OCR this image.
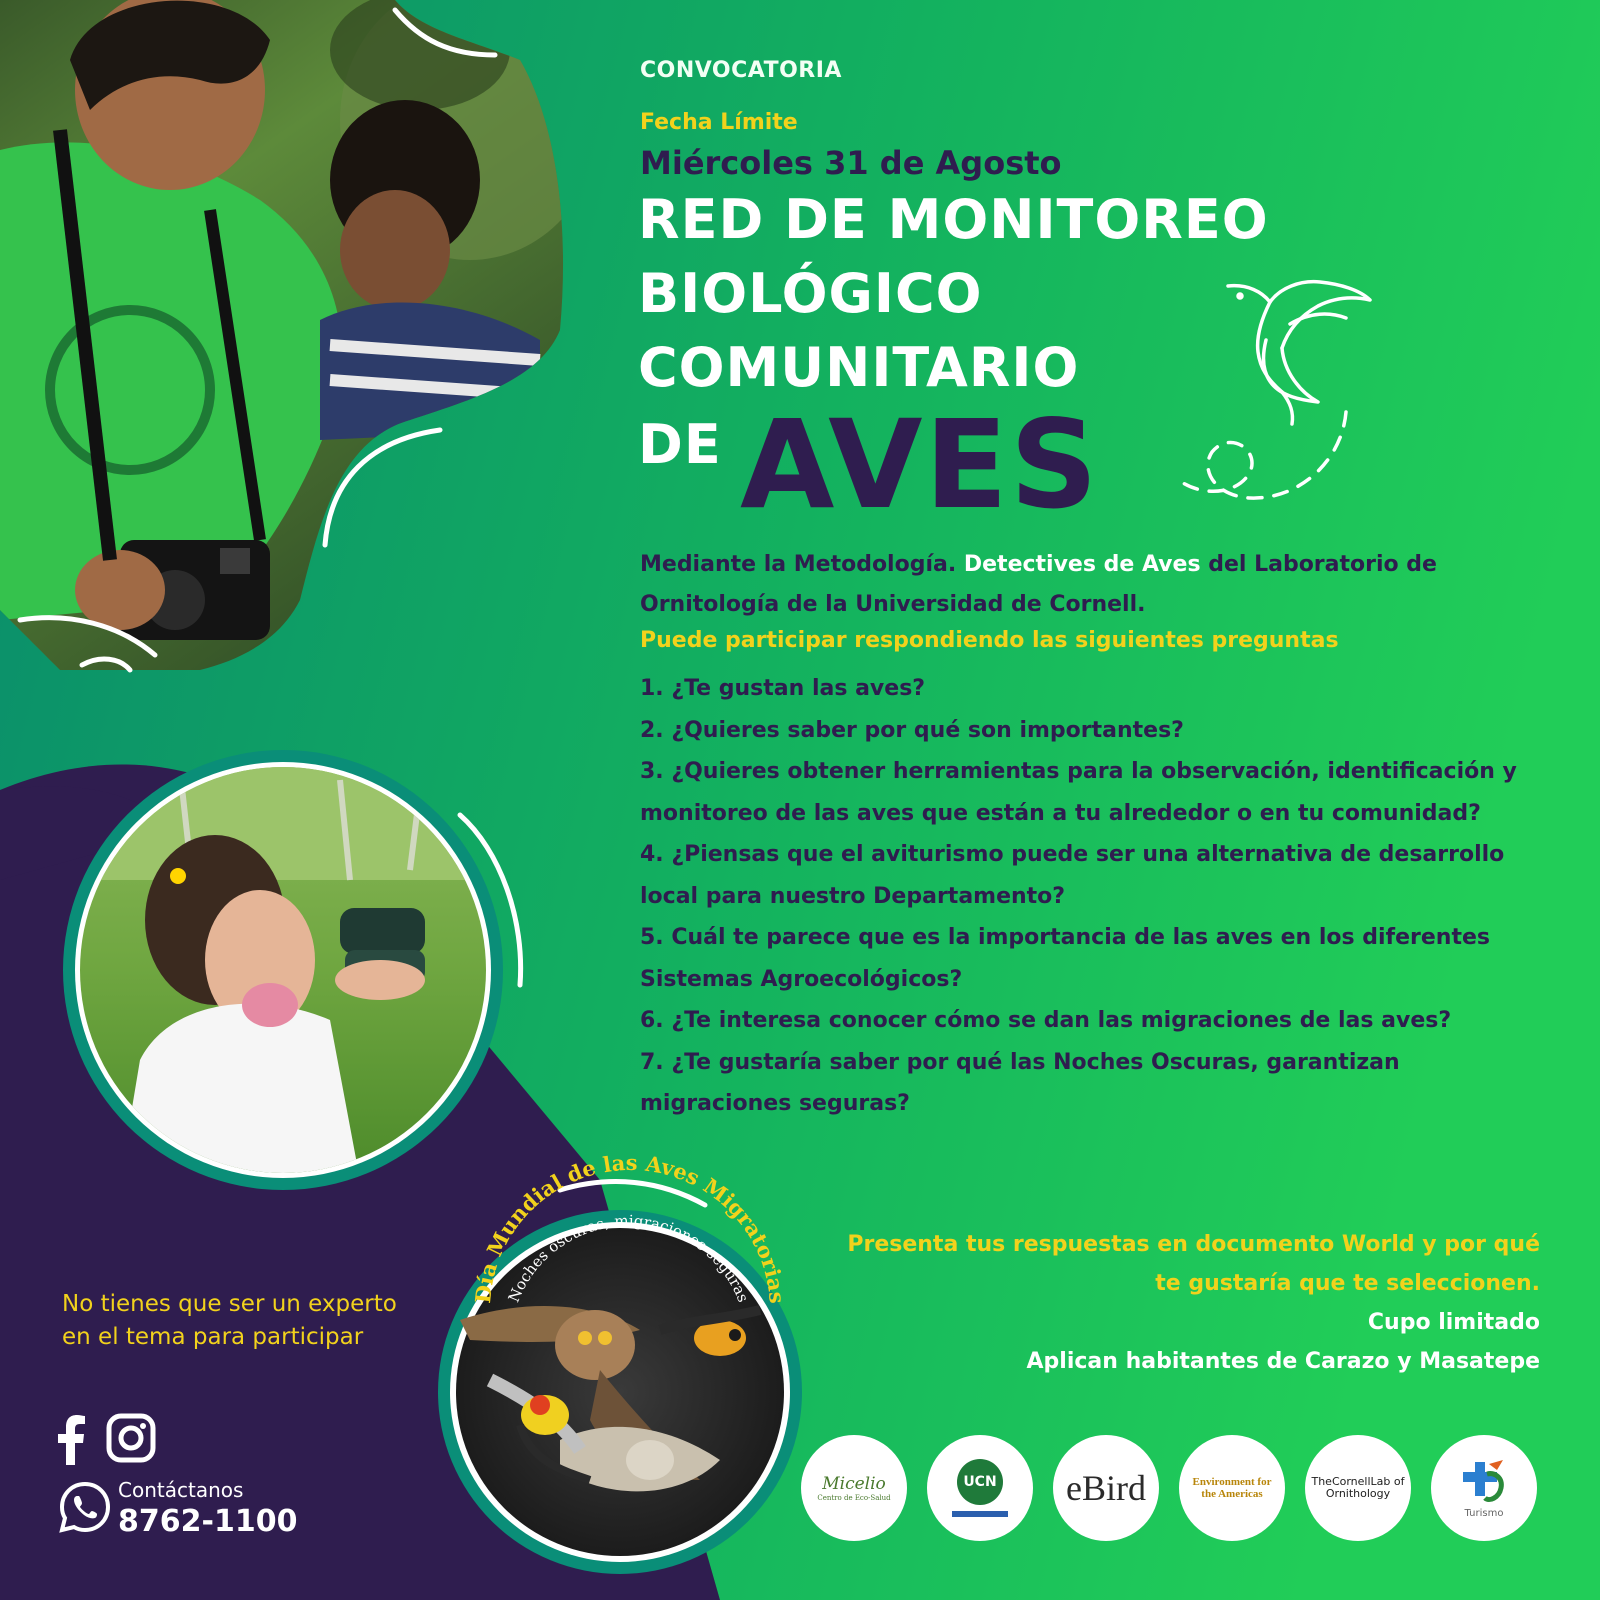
Día Mundial de las Aves Migratorias
Noches oscuras, migraciones seguras
CONVOCATORIA
Fecha Límite
Miércoles 31 de Agosto
RED DE MONITOREO
BIOLÓGICO
COMUNITARIO
DE AVES

Mediante la Metodología. Detectives de Aves del Laboratorio de Ornitología de la Universidad de Cornell.

Puede participar respondiendo las siguientes preguntas
1. ¿Te gustan las aves?
2. ¿Quieres saber por qué son importantes?
3. ¿Quieres obtener herramientas para la observación, identificación y monitoreo de las aves que están a tu alrededor o en tu comunidad?
4. ¿Piensas que el aviturismo puede ser una alternativa de desarrollo local para nuestro Departamento?
5. Cuál te parece que es la importancia de las aves en los diferentes Sistemas Agroecológicos?
6. ¿Te interesa conocer cómo se dan las migraciones de las aves?
7. ¿Te gustaría saber por qué las Noches Oscuras, garantizan migraciones seguras?
Presenta tus respuestas en documento World y por qué te gustaría que te seleccionen.
Cupo limitado
Aplican habitantes de Carazo y Masatepe
No tienes que ser un experto en el tema para participar
Contáctanos
8762-1100
Micelio
Centro de Eco-Salud
UCN eBird	Environment for the Americas
TheCornellLab of Ornithology
Turismo
